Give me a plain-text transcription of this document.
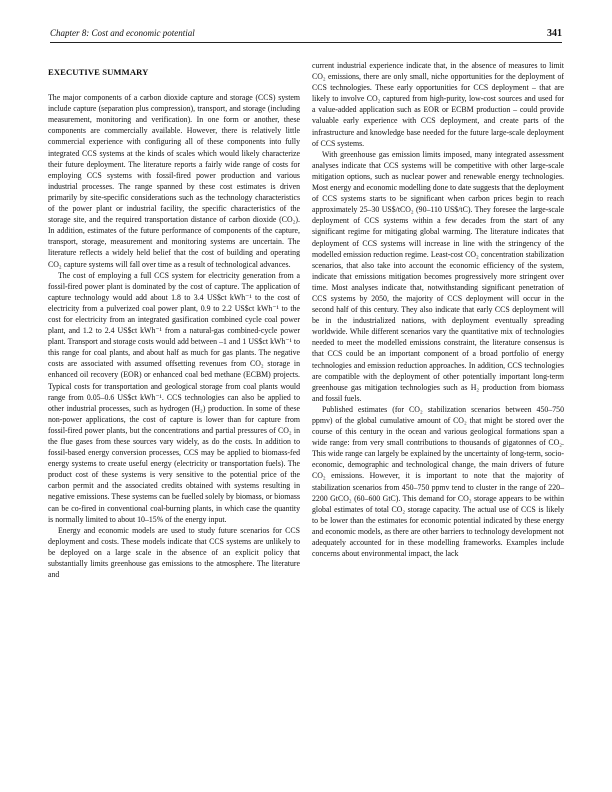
Chapter 8: Cost and economic potential	341
EXECUTIVE SUMMARY

The major components of a carbon dioxide capture and storage (CCS) system include capture (separation plus compression), transport, and storage (including measurement, monitoring and verification). In one form or another, these components are commercially available. However, there is relatively little commercial experience with configuring all of these components into fully integrated CCS systems at the kinds of scales which would likely characterize their future deployment. The literature reports a fairly wide range of costs for employing CCS systems with fossil-fired power production and various industrial processes. The range spanned by these cost estimates is driven primarily by site-specific considerations such as the technology characteristics of the power plant or industrial facility, the specific characteristics of the storage site, and the required transportation distance of carbon dioxide (CO₂). In addition, estimates of the future performance of components of the capture, transport, storage, measurement and monitoring systems are uncertain. The literature reflects a widely held belief that the cost of building and operating CO₂ capture systems will fall over time as a result of technological advances.

The cost of employing a full CCS system for electricity generation from a fossil-fired power plant is dominated by the cost of capture. The application of capture technology would add about 1.8 to 3.4 US$ct kWh⁻¹ to the cost of electricity from a pulverized coal power plant, 0.9 to 2.2 US$ct kWh⁻¹ to the cost for electricity from an integrated gasification combined cycle coal power plant, and 1.2 to 2.4 US$ct kWh⁻¹ from a natural-gas combined-cycle power plant. Transport and storage costs would add between –1 and 1 US$ct kWh⁻¹ to this range for coal plants, and about half as much for gas plants. The negative costs are associated with assumed offsetting revenues from CO₂ storage in enhanced oil recovery (EOR) or enhanced coal bed methane (ECBM) projects. Typical costs for transportation and geological storage from coal plants would range from 0.05–0.6 US$ct kWh⁻¹. CCS technologies can also be applied to other industrial processes, such as hydrogen (H₂) production. In some of these non-power applications, the cost of capture is lower than for capture from fossil-fired power plants, but the concentrations and partial pressures of CO₂ in the flue gases from these sources vary widely, as do the costs. In addition to fossil-based energy conversion processes, CCS may be applied to biomass-fed energy systems to create useful energy (electricity or transportation fuels). The product cost of these systems is very sensitive to the potential price of the carbon permit and the associated credits obtained with systems resulting in negative emissions. These systems can be fuelled solely by biomass, or biomass can be co-fired in conventional coal-burning plants, in which case the quantity is normally limited to about 10–15% of the energy input.

Energy and economic models are used to study future scenarios for CCS deployment and costs. These models indicate that CCS systems are unlikely to be deployed on a large scale in the absence of an explicit policy that substantially limits greenhouse gas emissions to the atmosphere. The literature and

current industrial experience indicate that, in the absence of measures to limit CO₂ emissions, there are only small, niche opportunities for the deployment of CCS technologies. These early opportunities for CCS deployment – that are likely to involve CO₂ captured from high-purity, low-cost sources and used for a value-added application such as EOR or ECBM production – could provide valuable early experience with CCS deployment, and create parts of the infrastructure and knowledge base needed for the future large-scale deployment of CCS systems.

With greenhouse gas emission limits imposed, many integrated assessment analyses indicate that CCS systems will be competitive with other large-scale mitigation options, such as nuclear power and renewable energy technologies. Most energy and economic modelling done to date suggests that the deployment of CCS systems starts to be significant when carbon prices begin to reach approximately 25–30 US$/tCO₂ (90–110 US$/tC). They foresee the large-scale deployment of CCS systems within a few decades from the start of any significant regime for mitigating global warming. The literature indicates that deployment of CCS systems will increase in line with the stringency of the modelled emission reduction regime. Least-cost CO₂ concentration stabilization scenarios, that also take into account the economic efficiency of the system, indicate that emissions mitigation becomes progressively more stringent over time. Most analyses indicate that, notwithstanding significant penetration of CCS systems by 2050, the majority of CCS deployment will occur in the second half of this century. They also indicate that early CCS deployment will be in the industrialized nations, with deployment eventually spreading worldwide. While different scenarios vary the quantitative mix of technologies needed to meet the modelled emissions constraint, the literature consensus is that CCS could be an important component of a broad portfolio of energy technologies and emission reduction approaches. In addition, CCS technologies are compatible with the deployment of other potentially important long-term greenhouse gas mitigation technologies such as H₂ production from biomass and fossil fuels.

Published estimates (for CO₂ stabilization scenarios between 450–750 ppmv) of the global cumulative amount of CO₂ that might be stored over the course of this century in the ocean and various geological formations span a wide range: from very small contributions to thousands of gigatonnes of CO₂. This wide range can largely be explained by the uncertainty of long-term, socio-economic, demographic and technological change, the main drivers of future CO₂ emissions. However, it is important to note that the majority of stabilization scenarios from 450–750 ppmv tend to cluster in the range of 220–2200 GtCO₂ (60–600 GtC). This demand for CO₂ storage appears to be within global estimates of total CO₂ storage capacity. The actual use of CCS is likely to be lower than the estimates for economic potential indicated by these energy and economic models, as there are other barriers to technology development not adequately accounted for in these modelling frameworks. Examples include concerns about environmental impact, the lack
